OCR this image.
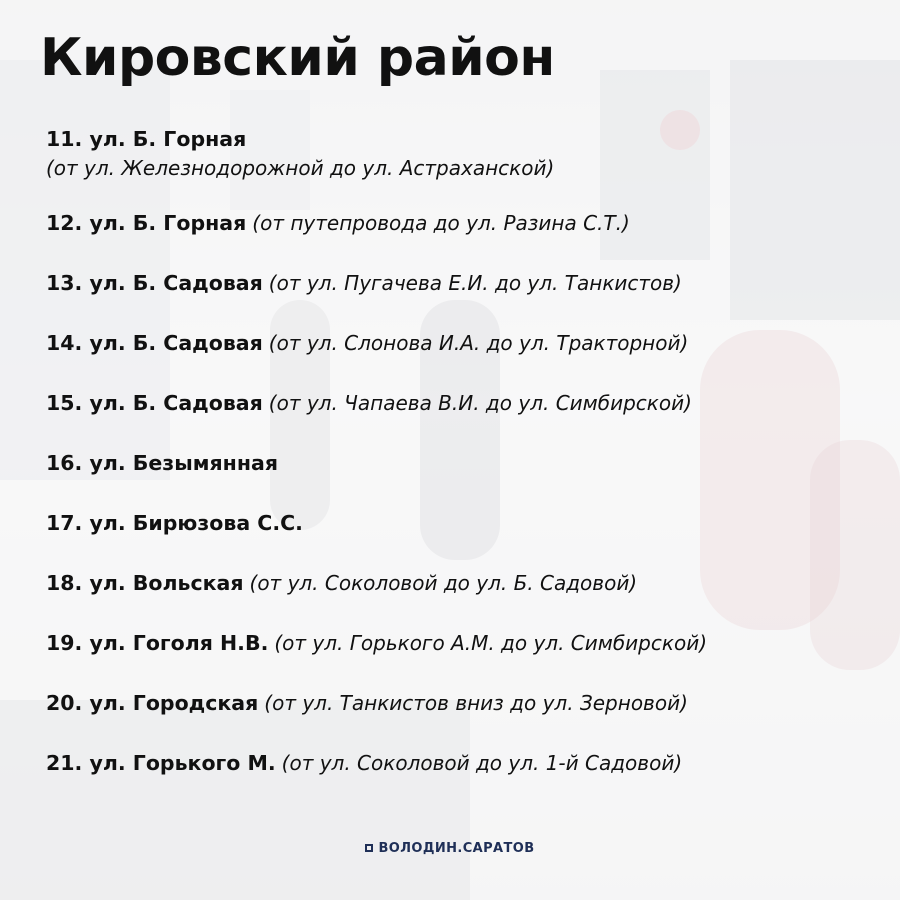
Кировский район
11. ул. Б. Горная
(от ул. Железнодорожной до ул. Астраханской)
12. ул. Б. Горная (от путепровода до ул. Разина С.Т.)
13. ул. Б. Садовая (от ул. Пугачева Е.И. до ул. Танкистов)
14. ул. Б. Садовая (от ул. Слонова И.А. до ул. Тракторной)
15. ул. Б. Садовая (от ул. Чапаева В.И. до ул. Симбирской)
16. ул. Безымянная
17. ул. Бирюзова С.С.
18. ул. Вольская (от ул. Соколовой до ул. Б. Садовой)
19. ул. Гоголя Н.В. (от ул. Горького А.М. до ул. Симбирской)
20. ул. Городская (от ул. Танкистов вниз до ул. Зерновой)
21. ул. Горького М. (от ул. Соколовой до ул. 1-й Садовой)
ВОЛОДИН.САРАТОВ
